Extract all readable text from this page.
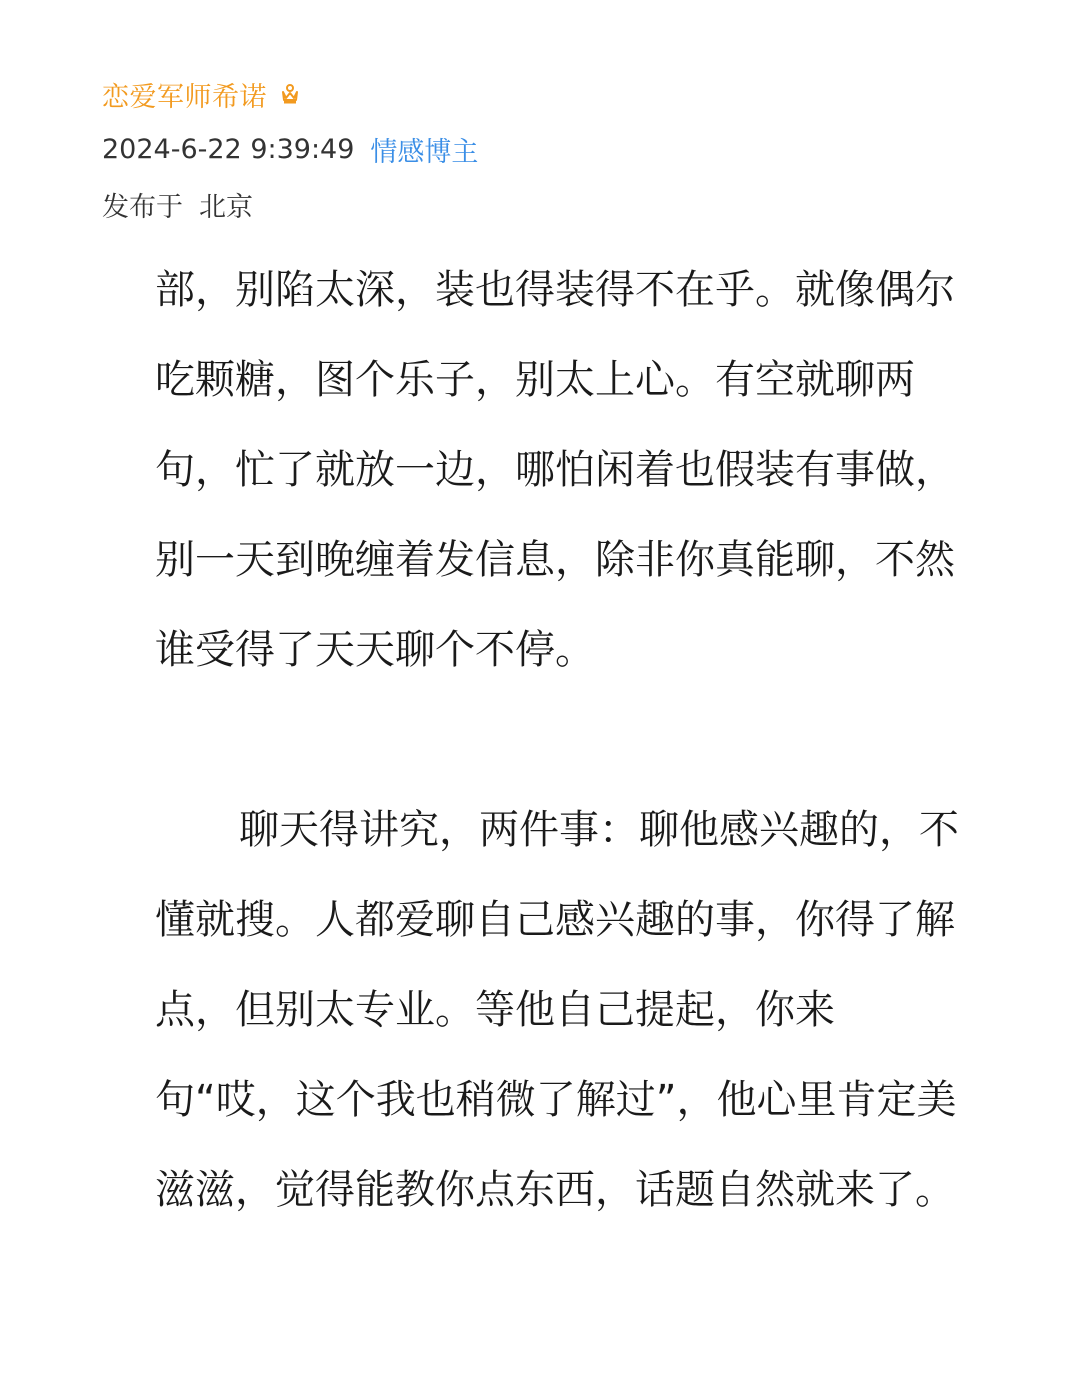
恋爱军师希诺
2024-6-22 9:39:49 情感博主
发布于 北京

部，别陷太深，装也得装得不在乎。就像偶尔吃颗糖，图个乐子，别太上心。有空就聊两句，忙了就放一边，哪怕闲着也假装有事做，别一天到晚缠着发信息，除非你真能聊，不然谁受得了天天聊个不停。

聊天得讲究，两件事：聊他感兴趣的，不懂就搜。人都爱聊自己感兴趣的事，你得了解点，但别太专业。等他自己提起，你来句“哎，这个我也稍微了解过”，他心里肯定美滋滋，觉得能教你点东西，话题自然就来了。
